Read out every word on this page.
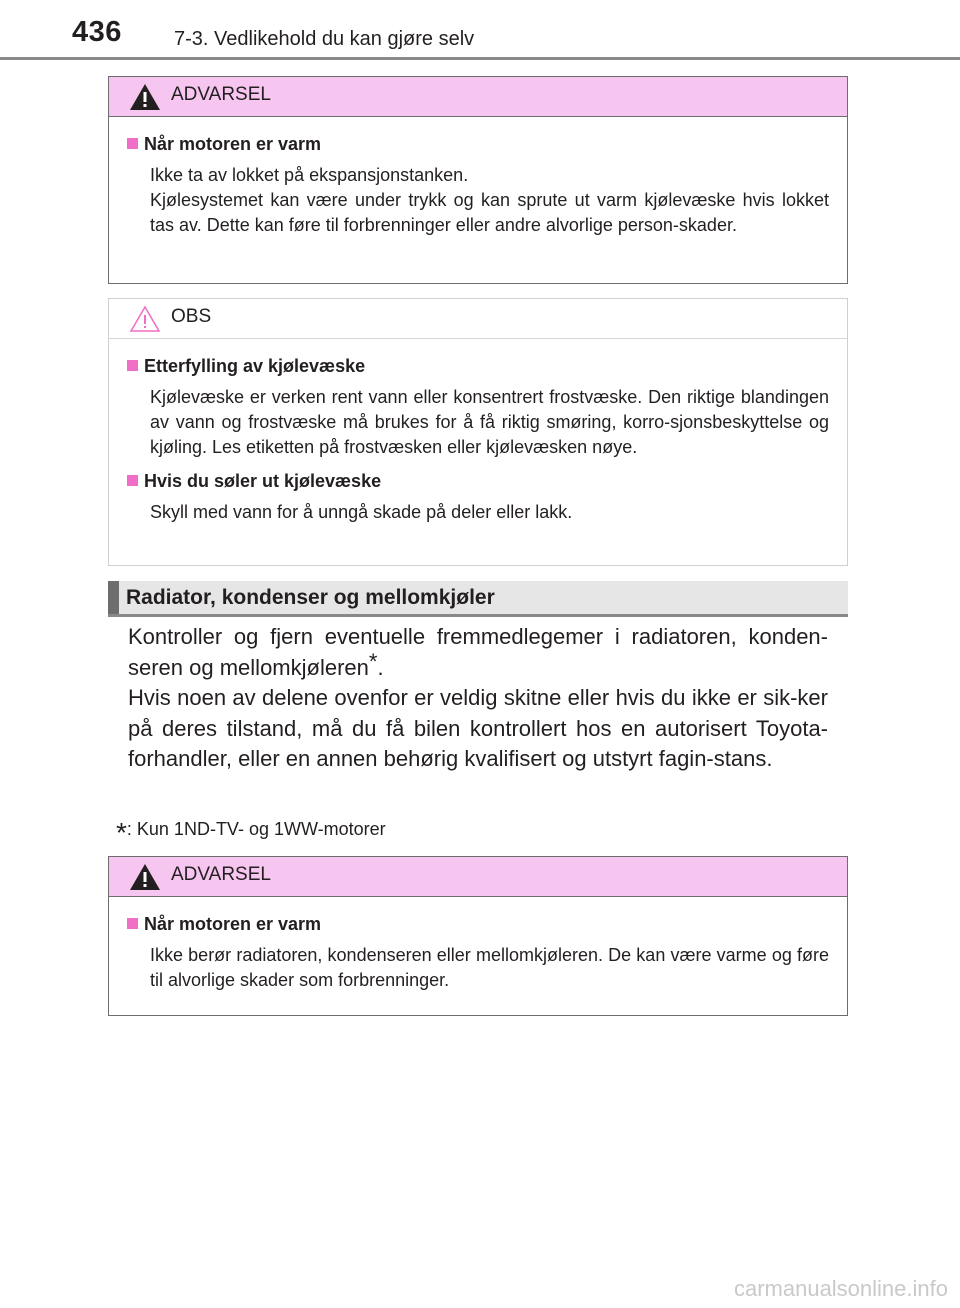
436	7-3. Vedlikehold du kan gjøre selv
ADVARSEL
Når motoren er varm
Ikke ta av lokket på ekspansjonstanken.
Kjølesystemet kan være under trykk og kan sprute ut varm kjølevæske hvis lokket tas av. Dette kan føre til forbrenninger eller andre alvorlige person-skader.
OBS
Etterfylling av kjølevæske
Kjølevæske er verken rent vann eller konsentrert frostvæske. Den riktige blandingen av vann og frostvæske må brukes for å få riktig smøring, korro-sjonsbeskyttelse og kjøling. Les etiketten på frostvæsken eller kjølevæsken nøye.
Hvis du søler ut kjølevæske
Skyll med vann for å unngå skade på deler eller lakk.
Radiator, kondenser og mellomkjøler
Kontroller og fjern eventuelle fremmedlegemer i radiatoren, konden-seren og mellomkjøleren*.
Hvis noen av delene ovenfor er veldig skitne eller hvis du ikke er sik-ker på deres tilstand, må du få bilen kontrollert hos en autorisert Toyota-forhandler, eller en annen behørig kvalifisert og utstyrt fagin-stans.
*: Kun 1ND-TV- og 1WW-motorer
ADVARSEL
Når motoren er varm
Ikke berør radiatoren, kondenseren eller mellomkjøleren. De kan være varme og føre til alvorlige skader som forbrenninger.
carmanualsonline.info
